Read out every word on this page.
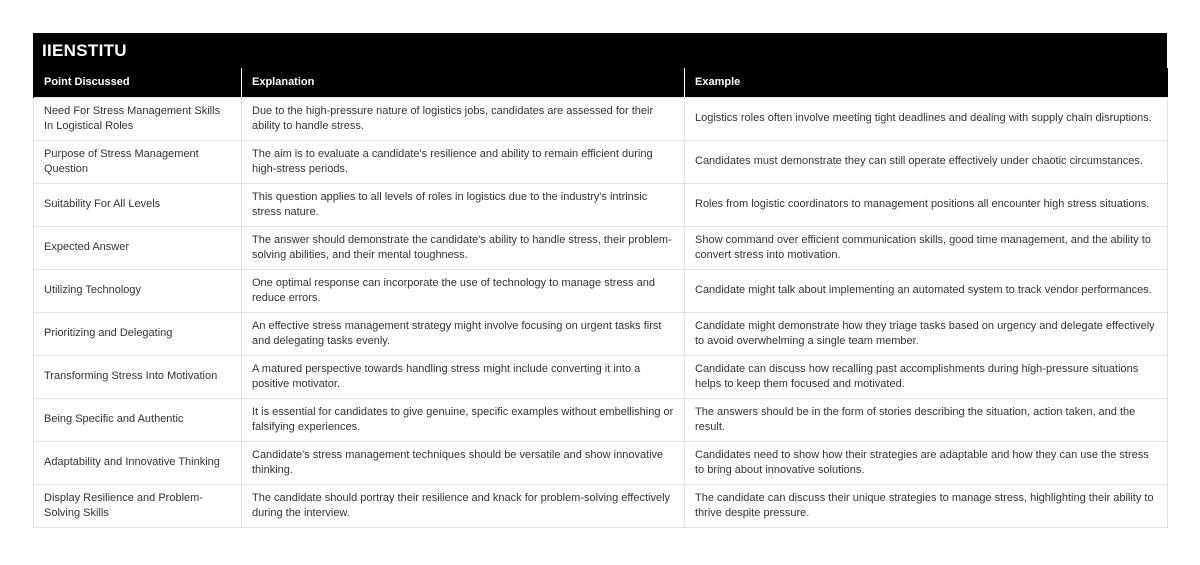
IIENSTITU
Point Discussed	Explanation	Example
Need For Stress Management Skills In Logistical Roles	Due to the high-pressure nature of logistics jobs, candidates are assessed for their ability to handle stress.	Logistics roles often involve meeting tight deadlines and dealing with supply chain disruptions.
Purpose of Stress Management Question	The aim is to evaluate a candidate's resilience and ability to remain efficient during high-stress periods.	Candidates must demonstrate they can still operate effectively under chaotic circumstances.
Suitability For All Levels	This question applies to all levels of roles in logistics due to the industry's intrinsic stress nature.	Roles from logistic coordinators to management positions all encounter high stress situations.
Expected Answer	The answer should demonstrate the candidate's ability to handle stress, their problem-solving abilities, and their mental toughness.	Show command over efficient communication skills, good time management, and the ability to convert stress into motivation.
Utilizing Technology	One optimal response can incorporate the use of technology to manage stress and reduce errors.	Candidate might talk about implementing an automated system to track vendor performances.
Prioritizing and Delegating	An effective stress management strategy might involve focusing on urgent tasks first and delegating tasks evenly.	Candidate might demonstrate how they triage tasks based on urgency and delegate effectively to avoid overwhelming a single team member.
Transforming Stress Into Motivation	A matured perspective towards handling stress might include converting it into a positive motivator.	Candidate can discuss how recalling past accomplishments during high-pressure situations helps to keep them focused and motivated.
Being Specific and Authentic	It is essential for candidates to give genuine, specific examples without embellishing or falsifying experiences.	The answers should be in the form of stories describing the situation, action taken, and the result.
Adaptability and Innovative Thinking	Candidate's stress management techniques should be versatile and show innovative thinking.	Candidates need to show how their strategies are adaptable and how they can use the stress to bring about innovative solutions.
Display Resilience and Problem-Solving Skills	The candidate should portray their resilience and knack for problem-solving effectively during the interview.	The candidate can discuss their unique strategies to manage stress, highlighting their ability to thrive despite pressure.
